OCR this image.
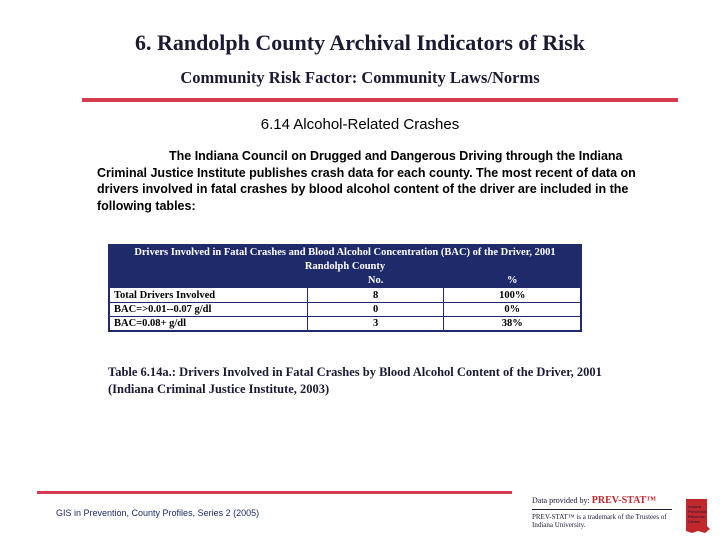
6. Randolph County Archival Indicators of Risk
Community Risk Factor: Community Laws/Norms
6.14 Alcohol-Related Crashes
The Indiana Council on Drugged and Dangerous Driving through the Indiana Criminal Justice Institute publishes crash data for each county. The most recent of data on drivers involved in fatal crashes by blood alcohol content of the driver are included in the following tables:
Drivers Involved in Fatal Crashes and Blood Alcohol Concentration (BAC) of the Driver, 2001		
Randolph County		
	No.	%
Total Drivers Involved	8	100%
BAC=>0.01--0.07 g/dl	0	0%
BAC=0.08+ g/dl	3	38%
Table 6.14a.: Drivers Involved in Fatal Crashes by Blood Alcohol Content of the Driver, 2001 (Indiana Criminal Justice Institute, 2003)
GIS in Prevention, County Profiles, Series 2 (2005)
Data provided by: PREV-STAT™
PREV-STAT™ is a trademark of the Trustees of Indiana University.
Indiana Prevention Resource Center
